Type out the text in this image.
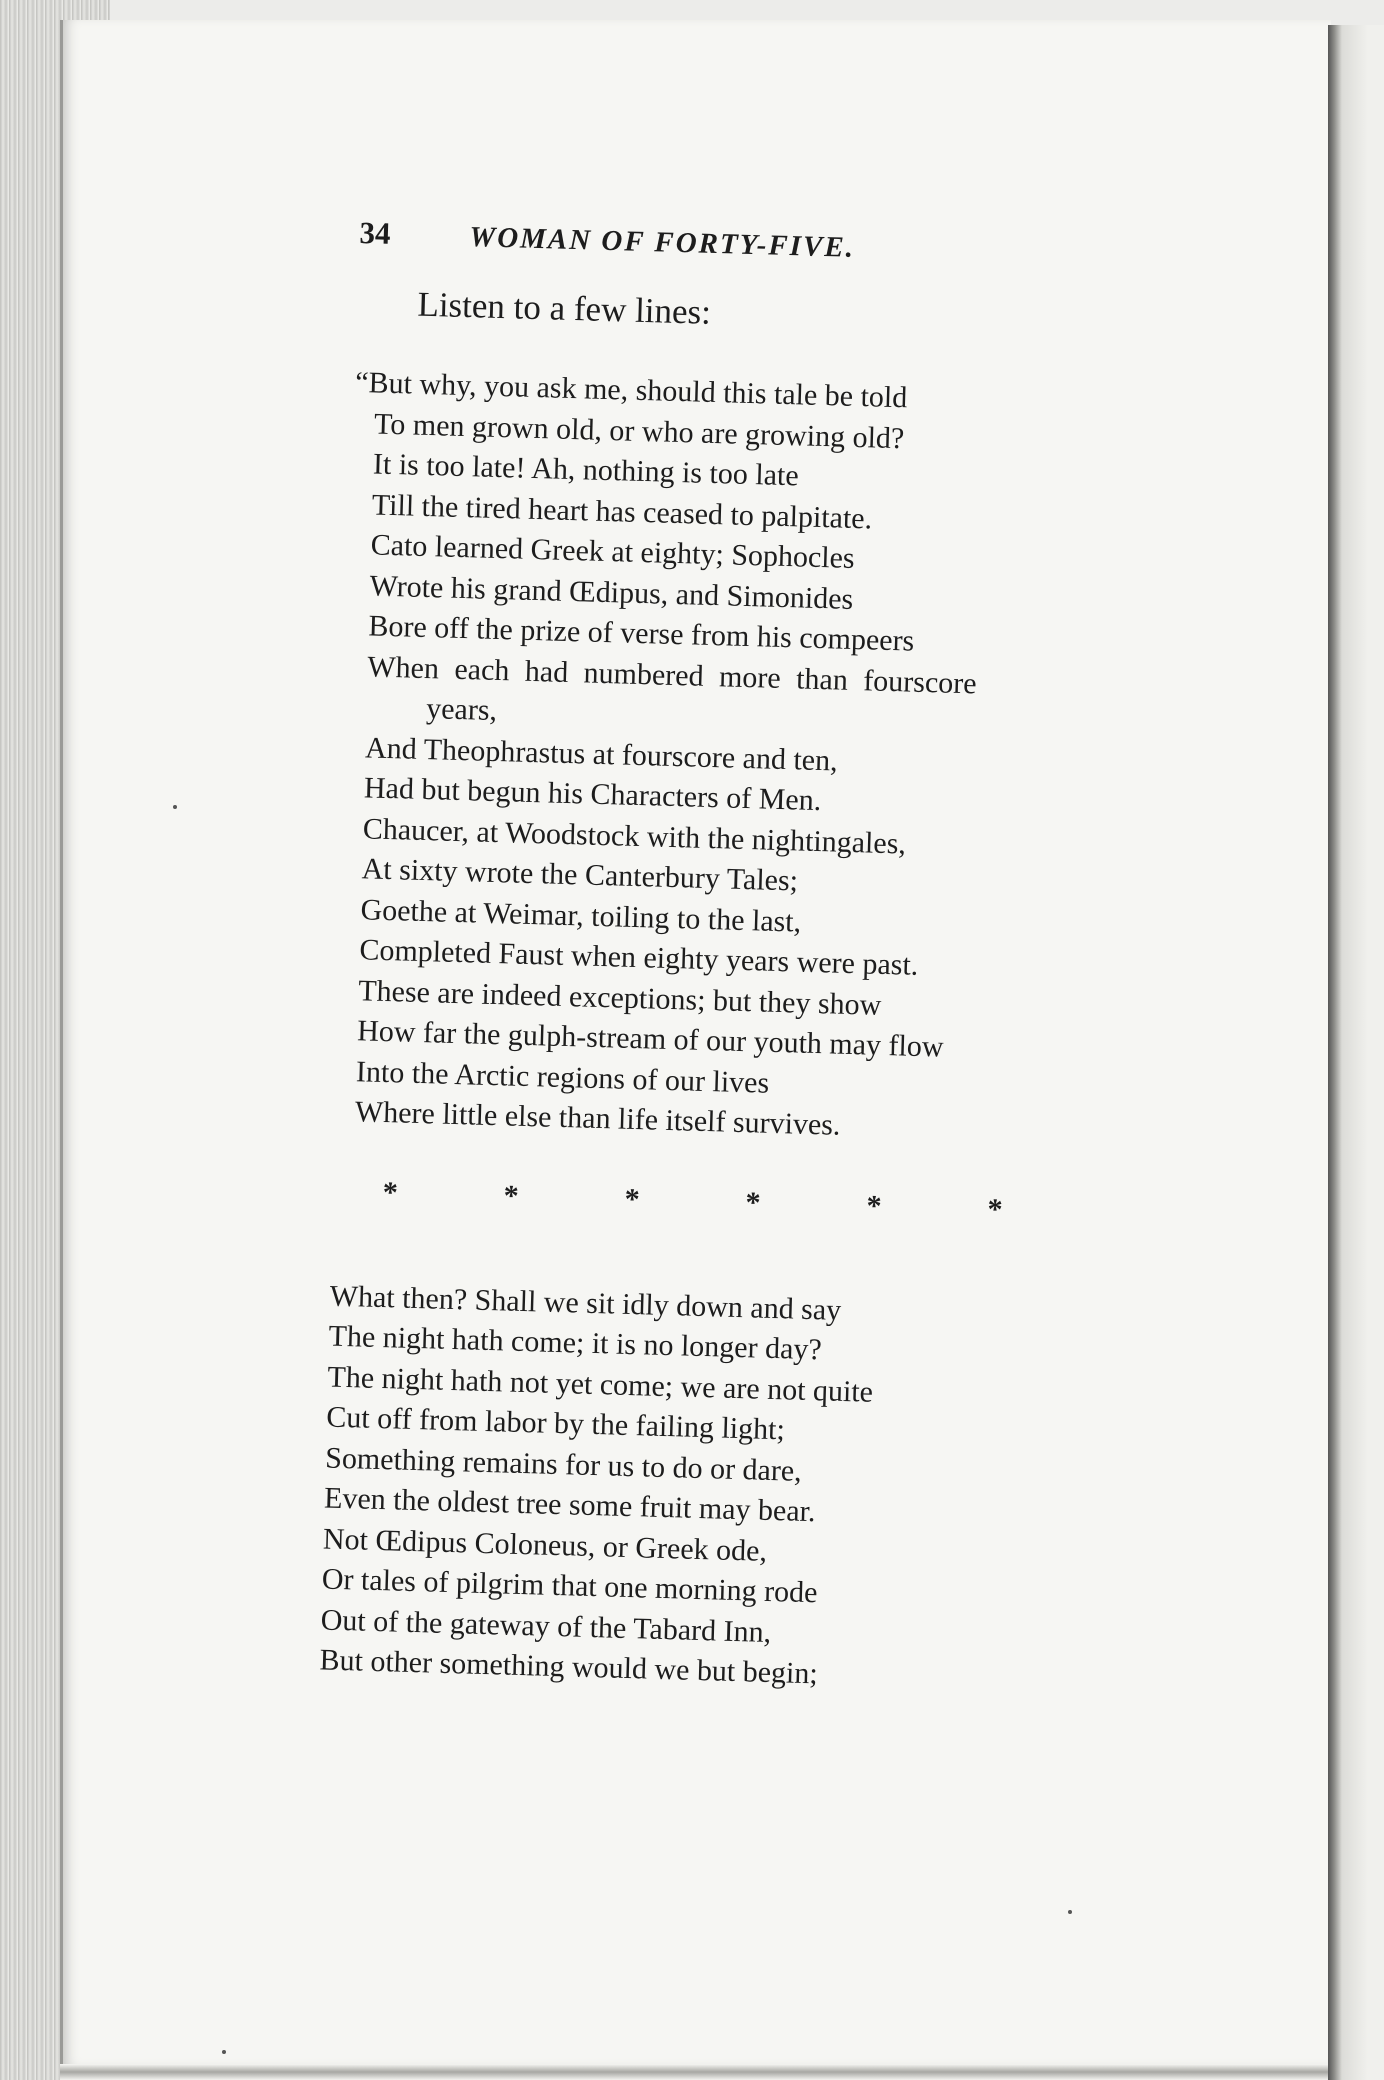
34	WOMAN OF FORTY-FIVE.
Listen to a few lines:
“But why, you ask me, should this tale be told
To men grown old, or who are growing old?
It is too late! Ah, nothing is too late
Till the tired heart has ceased to palpitate.
Cato learned Greek at eighty; Sophocles
Wrote his grand Œdipus, and Simonides
Bore off the prize of verse from his compeers
When each had numbered more than fourscore
years,
And Theophrastus at fourscore and ten,
Had but begun his Characters of Men.
Chaucer, at Woodstock with the nightingales,
At sixty wrote the Canterbury Tales;
Goethe at Weimar, toiling to the last,
Completed Faust when eighty years were past.
These are indeed exceptions; but they show
How far the gulph-stream of our youth may flow
Into the Arctic regions of our lives
Where little else than life itself survives.
*	*	*	*	*	*
What then? Shall we sit idly down and say
The night hath come; it is no longer day?
The night hath not yet come; we are not quite
Cut off from labor by the failing light;
Something remains for us to do or dare,
Even the oldest tree some fruit may bear.
Not Œdipus Coloneus, or Greek ode,
Or tales of pilgrim that one morning rode
Out of the gateway of the Tabard Inn,
But other something would we but begin;
